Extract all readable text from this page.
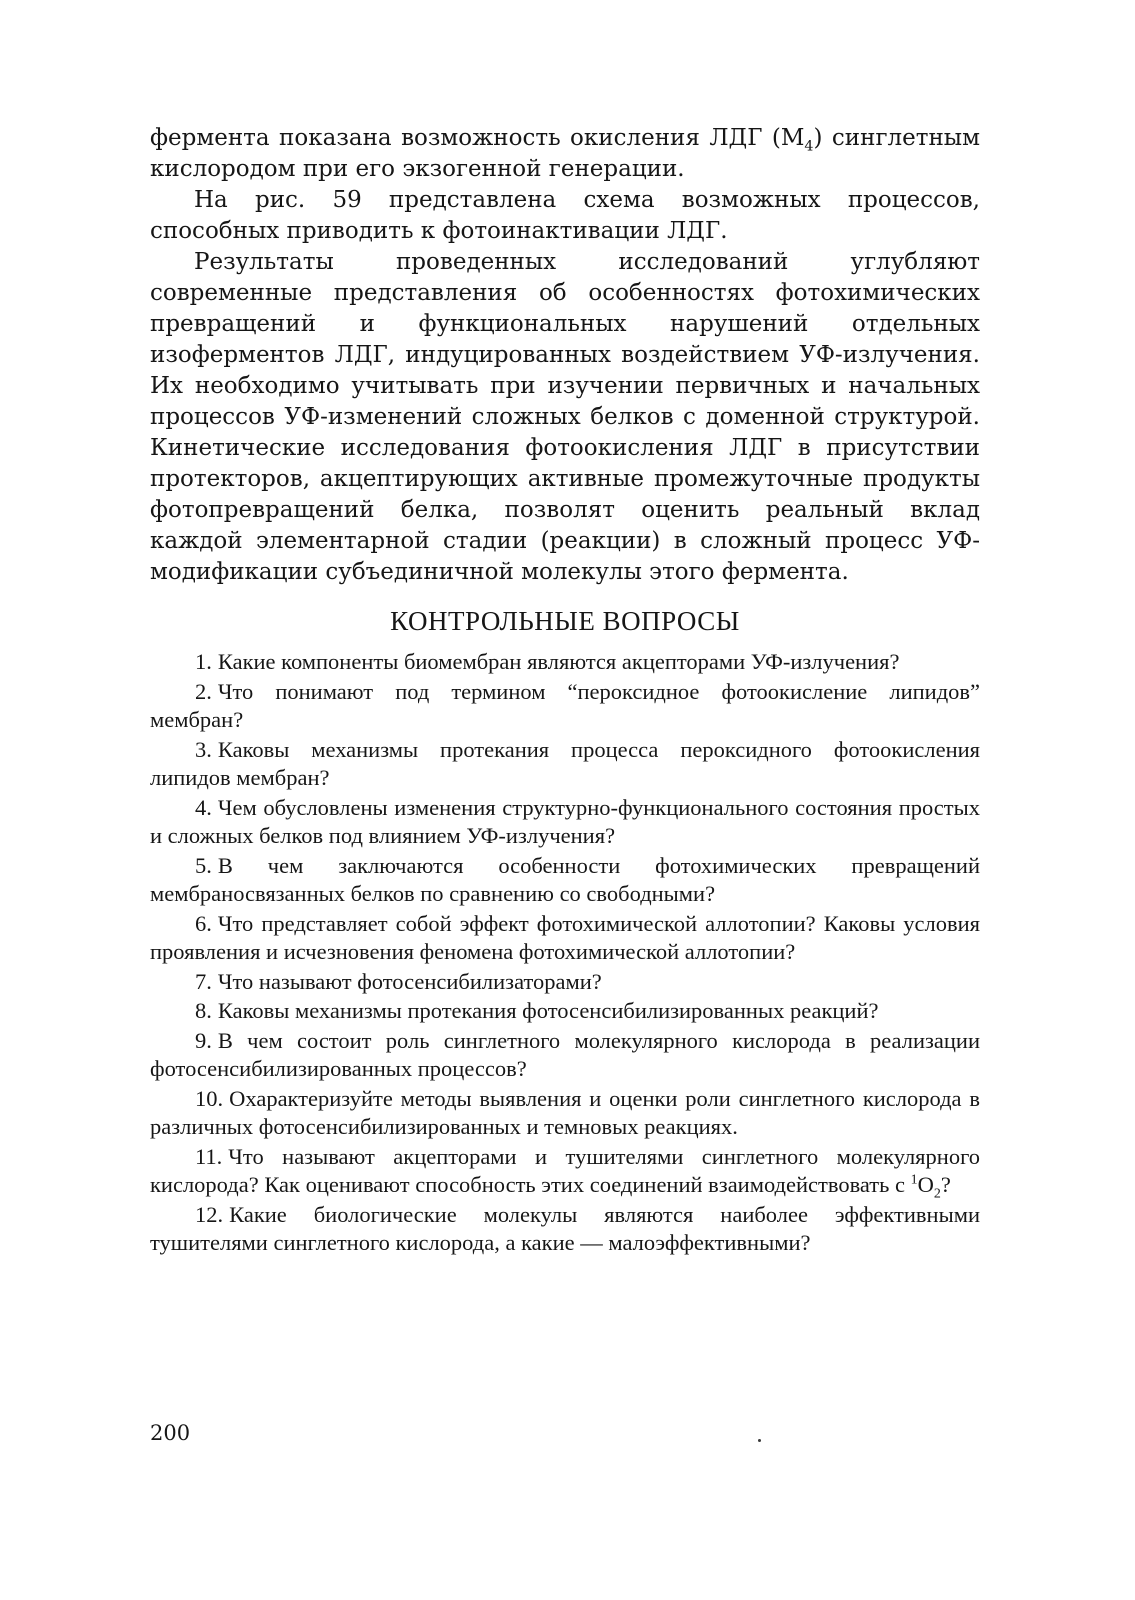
фермента показана возможность окисления ЛДГ $(М_4)$ синглетным кислородом при его экзогенной генерации.

На рис. 59 представлена схема возможных процессов, способных приводить к фотоинактивации ЛДГ.

Результаты проведенных исследований углубляют современные представления об особенностях фотохимических превращений и функциональных нарушений отдельных изоферментов ЛДГ, индуцированных воздействием УФ-излучения. Их необходимо учитывать при изучении первичных и начальных процессов УФ-изменений сложных белков с доменной структурой. Кинетические исследования фотоокисления ЛДГ в присутствии протекторов, акцептирующих активные промежуточные продукты фотопревращений белка, позволят оценить реальный вклад каждой элементарной стадии (реакции) в сложный процесс УФ-модификации субъединичной молекулы этого фермента.

КОНТРОЛЬНЫЕ ВОПРОСЫ

1. Какие компоненты биомембран являются акцепторами УФ-излучения?

2. Что понимают под термином “пероксидное фотоокисление липидов” мембран?

3. Каковы механизмы протекания процесса пероксидного фотоокисления липидов мембран?

4. Чем обусловлены изменения структурно-функционального состояния простых и сложных белков под влиянием УФ-излучения?

5. В чем заключаются особенности фотохимических превращений мембраносвязанных белков по сравнению со свободными?

6. Что представляет собой эффект фотохимической аллотопии? Каковы условия проявления и исчезновения феномена фотохимической аллотопии?

7. Что называют фотосенсибилизаторами?

8. Каковы механизмы протекания фотосенсибилизированных реакций?

9. В чем состоит роль синглетного молекулярного кислорода в реализации фотосенсибилизированных процессов?

10. Охарактеризуйте методы выявления и оценки роли синглетного кислорода в различных фотосенсибилизированных и темновых реакциях.

11. Что называют акцепторами и тушителями синглетного молекулярного кислорода? Как оценивают способность этих соединений взаимодействовать с $^1О_2$?

12. Какие биологические молекулы являются наиболее эффективными тушителями синглетного кислорода, а какие — малоэффективными?

200
